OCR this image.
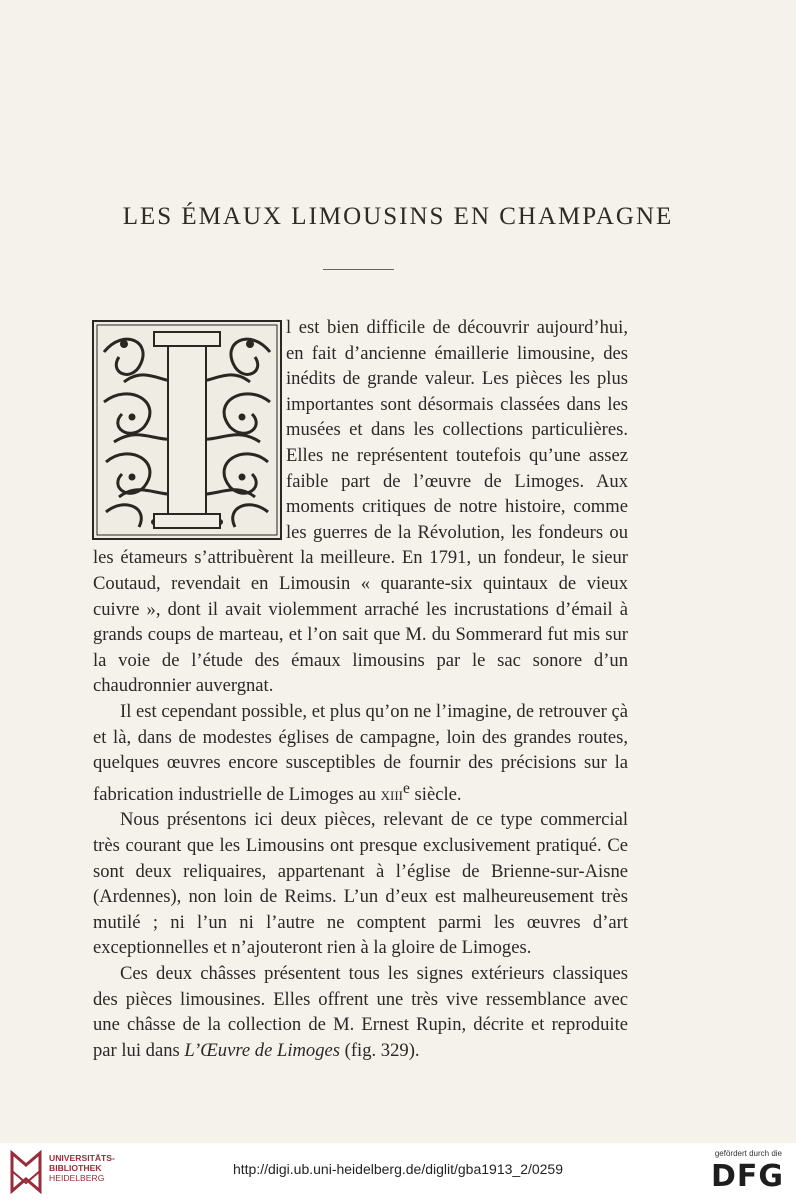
LES ÉMAUX LIMOUSINS EN CHAMPAGNE

l est bien difficile de découvrir aujourd’hui, en fait d’ancienne émaillerie limousine, des inédits de grande valeur. Les pièces les plus importantes sont désormais classées dans les musées et dans les collections particulières. Elles ne représentent toutefois qu’une assez faible part de l’œuvre de Limoges. Aux moments critiques de notre histoire, comme les guerres de la Révolution, les fondeurs ou les étameurs s’attribuèrent la meilleure. En 1791, un fondeur, le sieur Coutaud, revendait en Limousin « quarante-six quintaux de vieux cuivre », dont il avait violemment arraché les incrustations d’émail à grands coups de marteau, et l’on sait que M. du Sommerard fut mis sur la voie de l’étude des émaux limousins par le sac sonore d’un chaudronnier auvergnat.

Il est cependant possible, et plus qu’on ne l’imagine, de retrouver çà et là, dans de modestes églises de campagne, loin des grandes routes, quelques œuvres encore susceptibles de fournir des précisions sur la fabrication industrielle de Limoges au xiii$^e$ siècle.

Nous présentons ici deux pièces, relevant de ce type commercial très courant que les Limousins ont presque exclusivement pratiqué. Ce sont deux reliquaires, appartenant à l’église de Brienne-sur-Aisne (Ardennes), non loin de Reims. L’un d’eux est malheureusement très mutilé ; ni l’un ni l’autre ne comptent parmi les œuvres d’art exceptionnelles et n’ajouteront rien à la gloire de Limoges.

Ces deux châsses présentent tous les signes extérieurs classiques des pièces limousines. Elles offrent une très vive ressemblance avec une châsse de la collection de M. Ernest Rupin, décrite et reproduite par lui dans L’Œuvre de Limoges (fig. 329).

UNIVERSITÄTS-
BIBLIOTHEK
HEIDELBERG
http://digi.ub.uni-heidelberg.de/diglit/gba1913_2/0259
gefördert durch die
DFG
